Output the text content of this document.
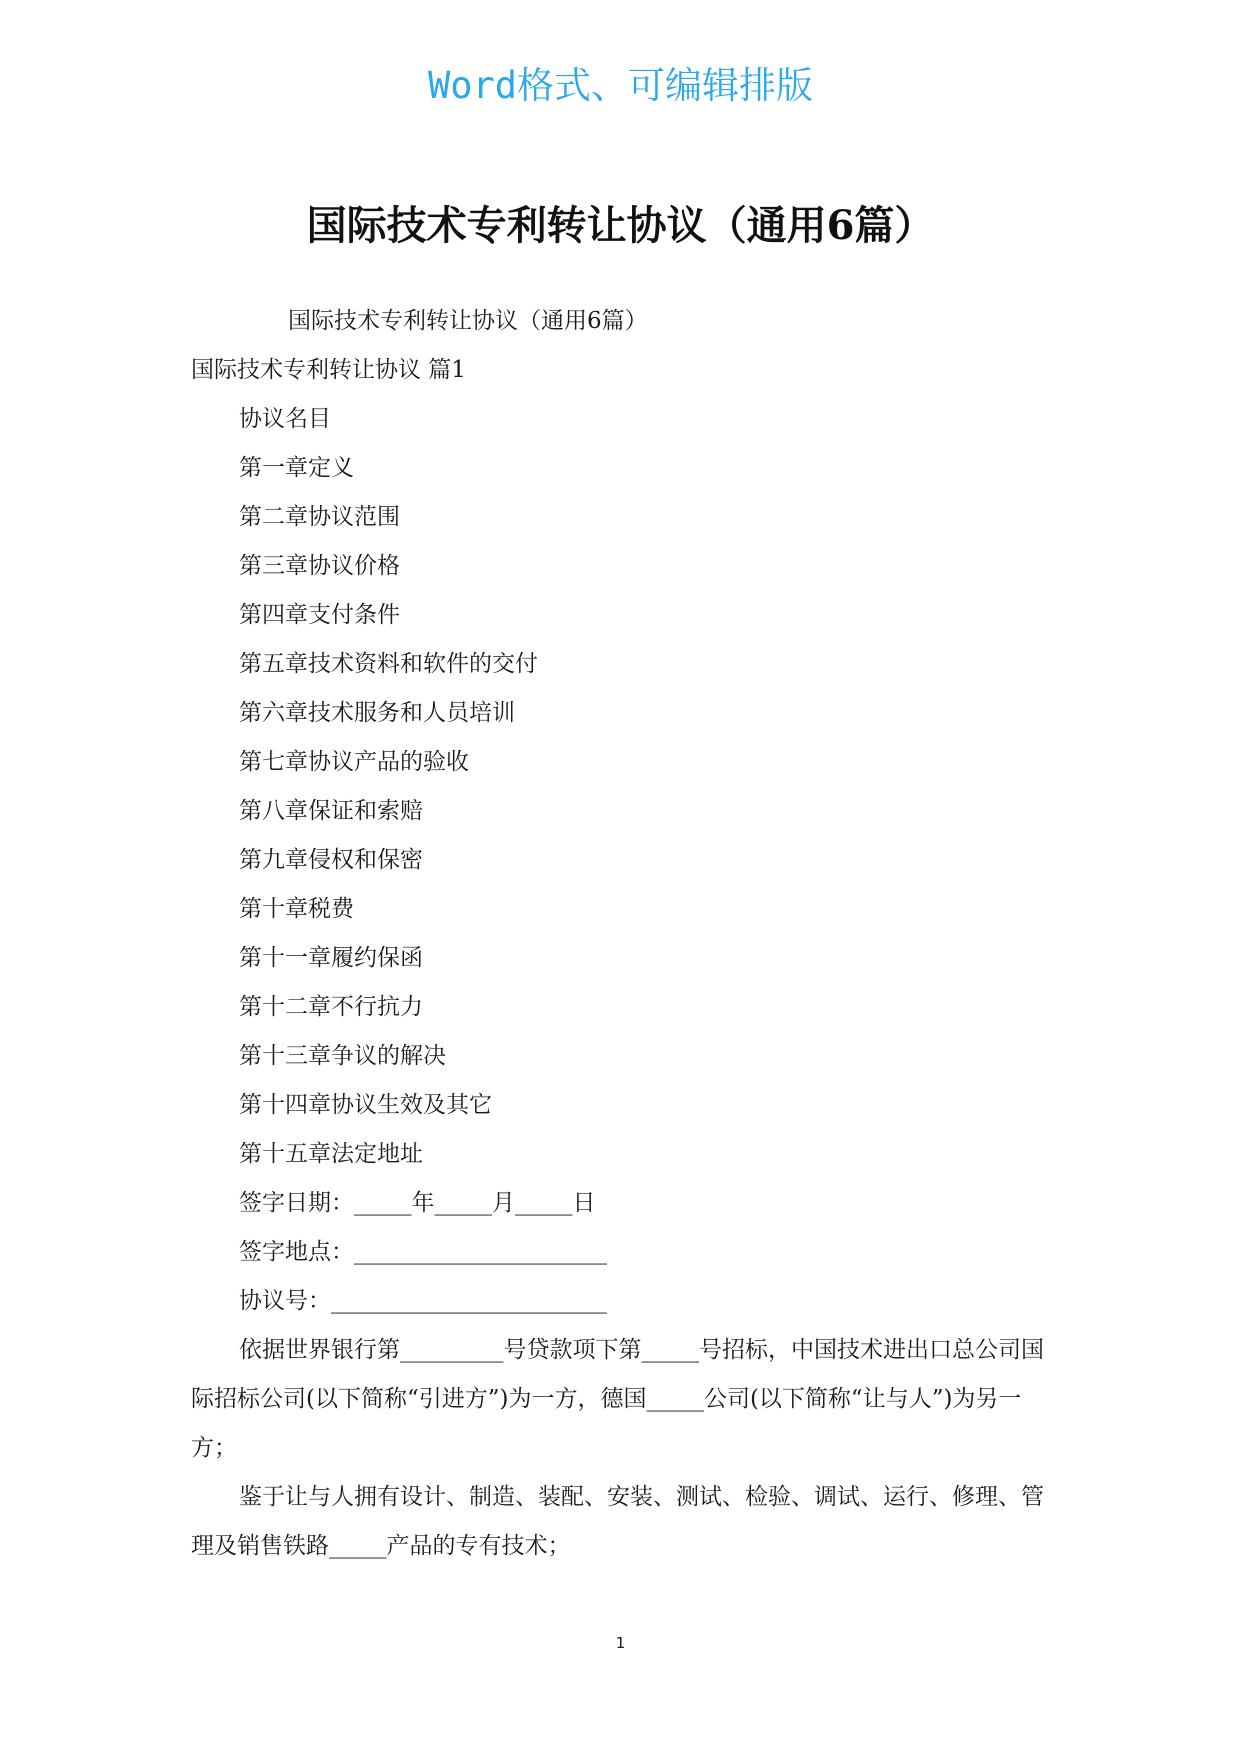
Word格式、可编辑排版
国际技术专利转让协议（通用6篇）
国际技术专利转让协议（通用6篇）
国际技术专利转让协议 篇1
协议名目
第一章定义
第二章协议范围
第三章协议价格
第四章支付条件
第五章技术资料和软件的交付
第六章技术服务和人员培训
第七章协议产品的验收
第八章保证和索赔
第九章侵权和保密
第十章税费
第十一章履约保函
第十二章不行抗力
第十三章争议的解决
第十四章协议生效及其它
第十五章法定地址
签字日期：_____年_____月_____日
签字地点：______________________
协议号：________________________
依据世界银行第_________号贷款项下第_____号招标，中国技术进出口总公司国际招标公司(以下简称“引进方”)为一方，德国_____公司(以下简称“让与人”)为另一方；
鉴于让与人拥有设计、制造、装配、安装、测试、检验、调试、运行、修理、管理及销售铁路_____产品的专有技术；
1
